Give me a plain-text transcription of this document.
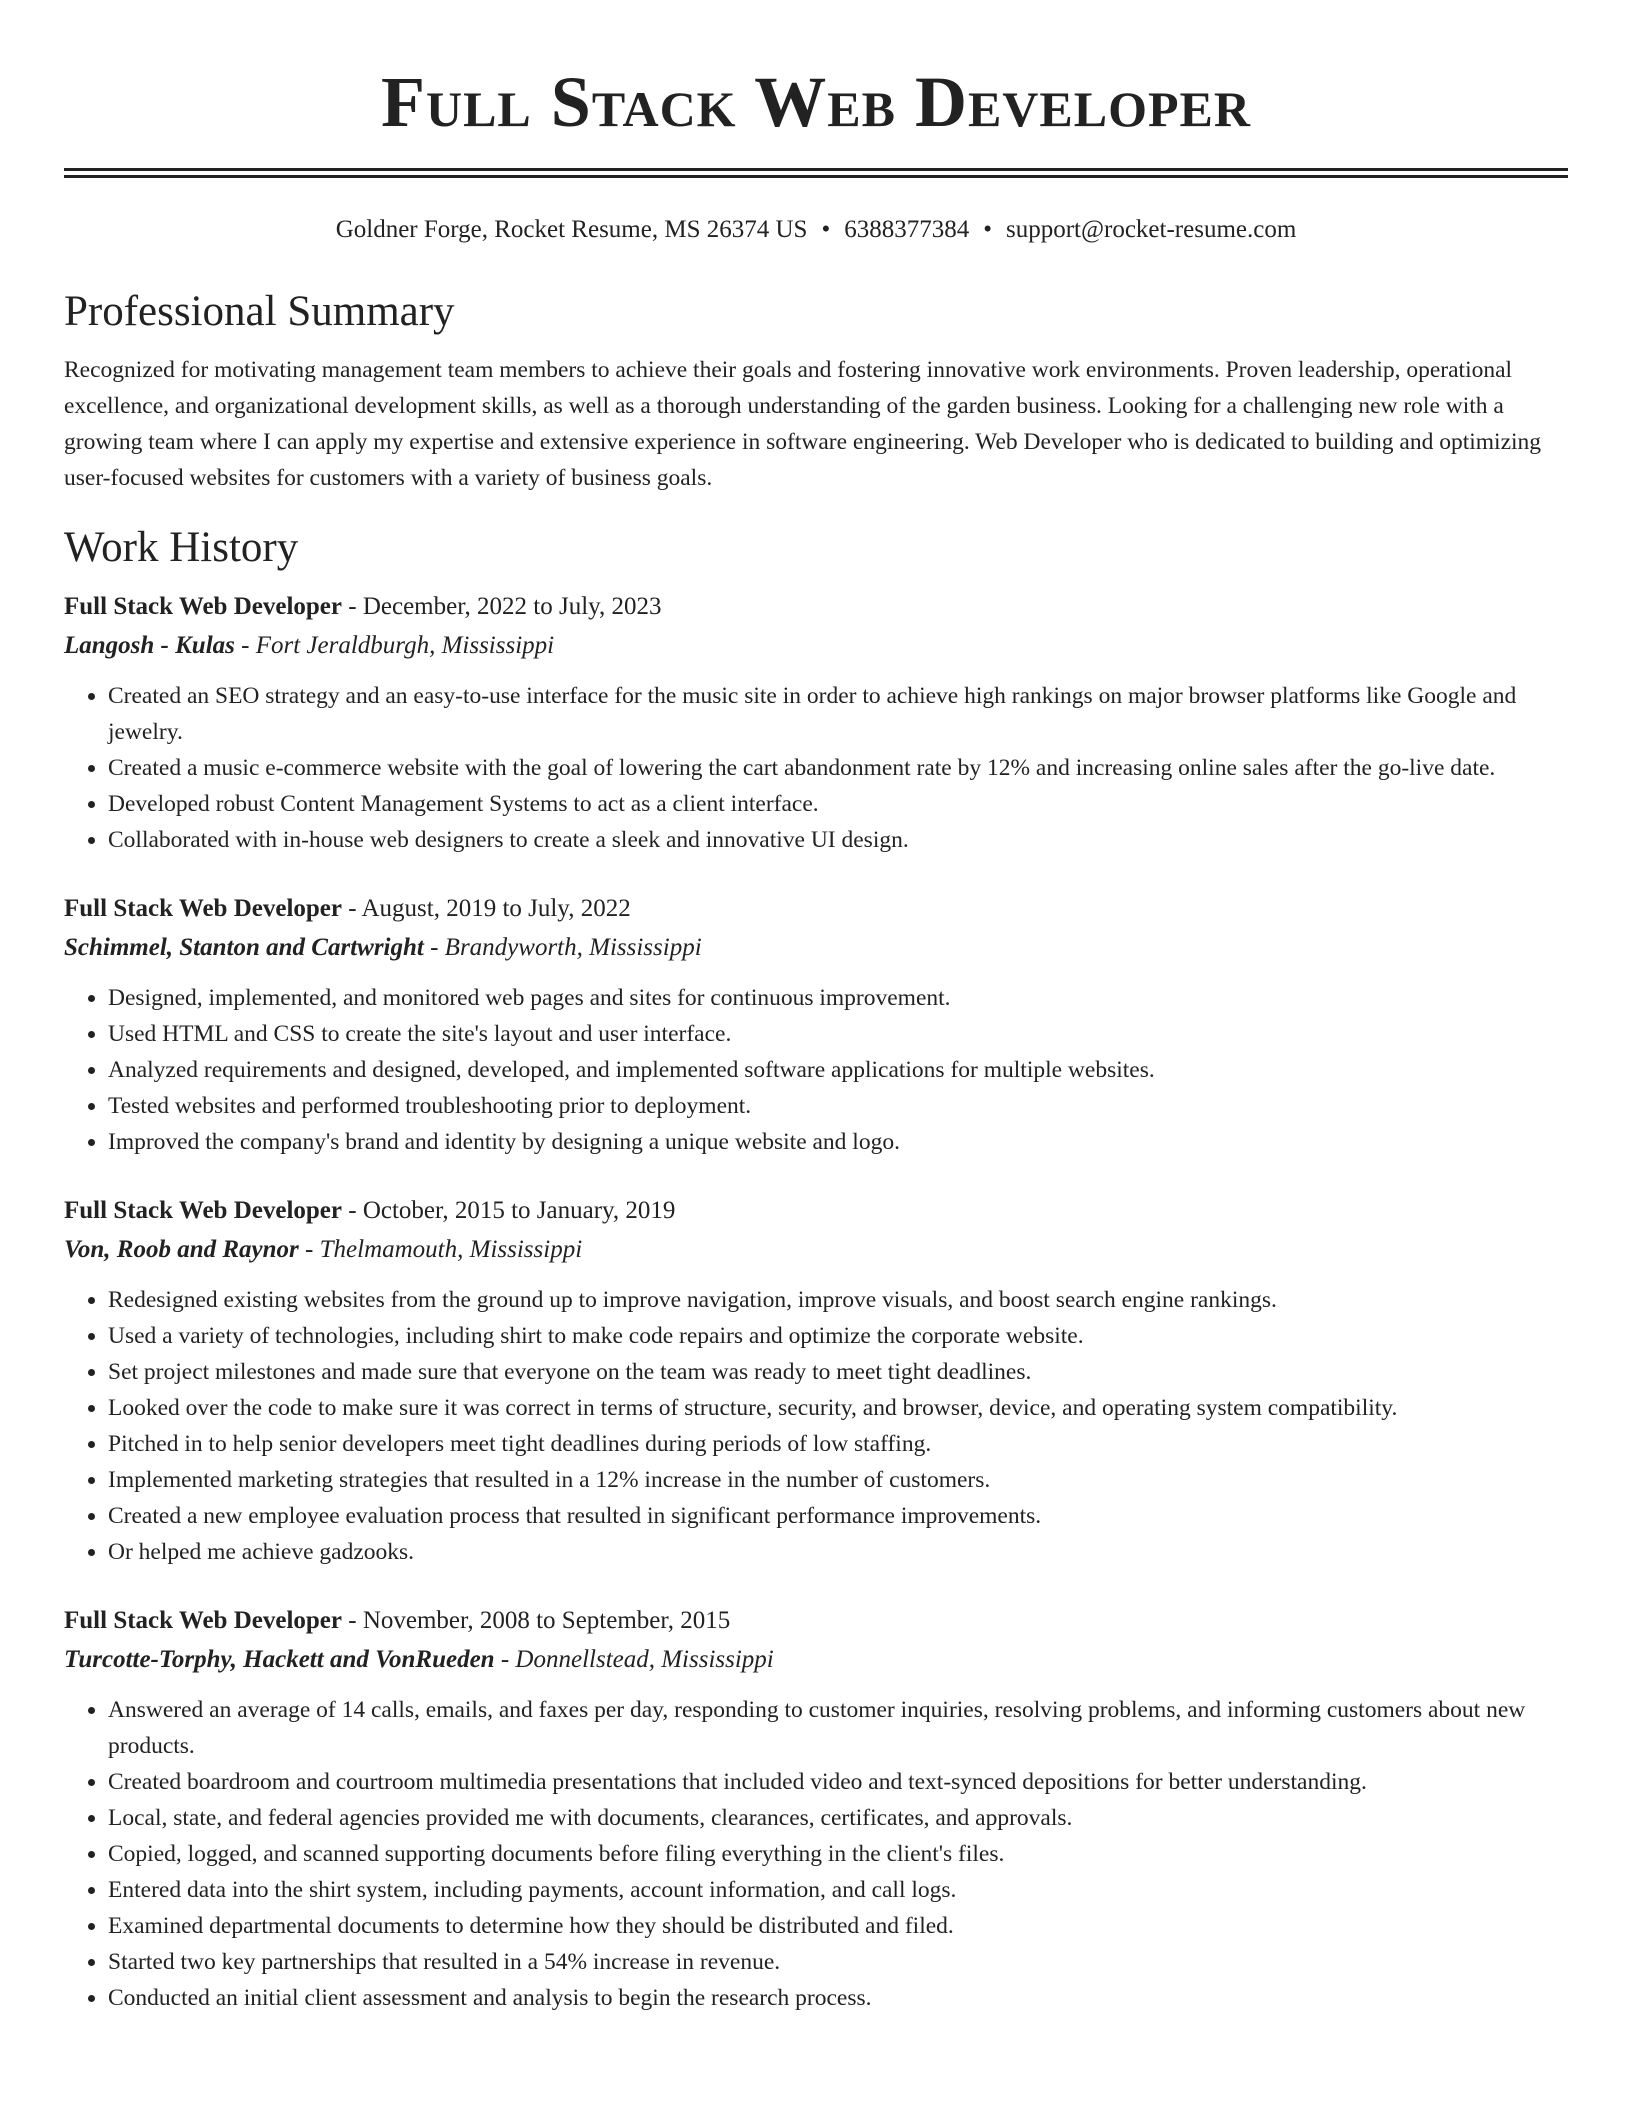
Full Stack Web Developer
Goldner Forge, Rocket Resume, MS 26374 US • 6388377384 • support@rocket-resume.com
Professional Summary

Recognized for motivating management team members to achieve their goals and fostering innovative work environments. Proven leadership, operational excellence, and organizational development skills, as well as a thorough understanding of the garden business. Looking for a challenging new role with a growing team where I can apply my expertise and extensive experience in software engineering. Web Developer who is dedicated to building and optimizing user-focused websites for customers with a variety of business goals.

Work History
Full Stack Web Developer - December, 2022 to July, 2023
Langosh - Kulas - Fort Jeraldburgh, Mississippi
• Created an SEO strategy and an easy-to-use interface for the music site in order to achieve high rankings on major browser platforms like Google and jewelry.
• Created a music e-commerce website with the goal of lowering the cart abandonment rate by 12% and increasing online sales after the go-live date.
• Developed robust Content Management Systems to act as a client interface.
• Collaborated with in-house web designers to create a sleek and innovative UI design.
Full Stack Web Developer - August, 2019 to July, 2022
Schimmel, Stanton and Cartwright - Brandyworth, Mississippi
• Designed, implemented, and monitored web pages and sites for continuous improvement.
• Used HTML and CSS to create the site's layout and user interface.
• Analyzed requirements and designed, developed, and implemented software applications for multiple websites.
• Tested websites and performed troubleshooting prior to deployment.
• Improved the company's brand and identity by designing a unique website and logo.
Full Stack Web Developer - October, 2015 to January, 2019
Von, Roob and Raynor - Thelmamouth, Mississippi
• Redesigned existing websites from the ground up to improve navigation, improve visuals, and boost search engine rankings.
• Used a variety of technologies, including shirt to make code repairs and optimize the corporate website.
• Set project milestones and made sure that everyone on the team was ready to meet tight deadlines.
• Looked over the code to make sure it was correct in terms of structure, security, and browser, device, and operating system compatibility.
• Pitched in to help senior developers meet tight deadlines during periods of low staffing.
• Implemented marketing strategies that resulted in a 12% increase in the number of customers.
• Created a new employee evaluation process that resulted in significant performance improvements.
• Or helped me achieve gadzooks.
Full Stack Web Developer - November, 2008 to September, 2015
Turcotte-Torphy, Hackett and VonRueden - Donnellstead, Mississippi
• Answered an average of 14 calls, emails, and faxes per day, responding to customer inquiries, resolving problems, and informing customers about new products.
• Created boardroom and courtroom multimedia presentations that included video and text-synced depositions for better understanding.
• Local, state, and federal agencies provided me with documents, clearances, certificates, and approvals.
• Copied, logged, and scanned supporting documents before filing everything in the client's files.
• Entered data into the shirt system, including payments, account information, and call logs.
• Examined departmental documents to determine how they should be distributed and filed.
• Started two key partnerships that resulted in a 54% increase in revenue.
• Conducted an initial client assessment and analysis to begin the research process.
